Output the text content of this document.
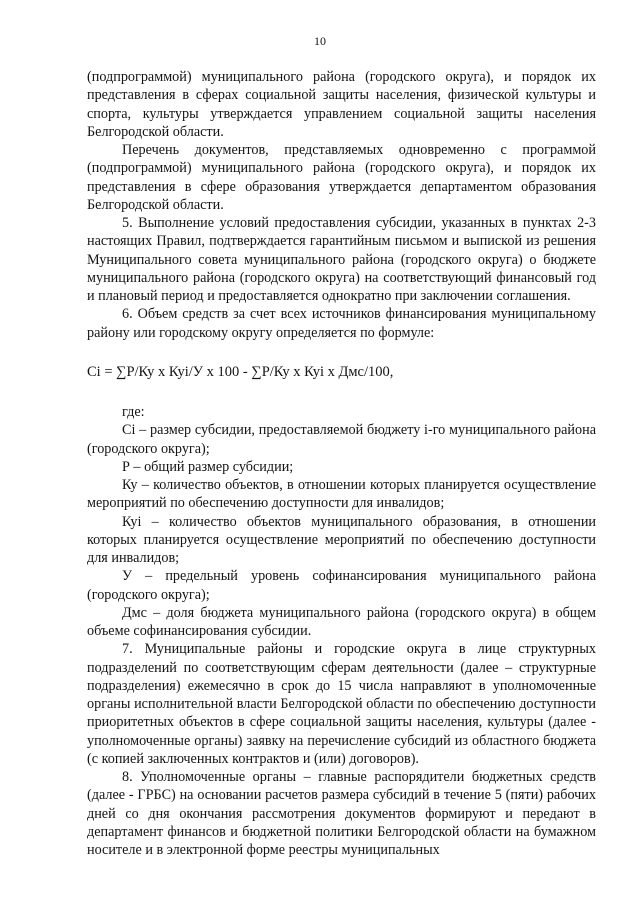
10

(подпрограммой) муниципального района (городского округа), и порядок их представления в сферах социальной защиты населения, физической культуры и спорта, культуры утверждается управлением социальной защиты населения Белгородской области.

Перечень документов, представляемых одновременно с программой (подпрограммой) муниципального района (городского округа), и порядок их представления в сфере образования утверждается департаментом образования Белгородской области.

5. Выполнение условий предоставления субсидии, указанных в пунктах 2-3 настоящих Правил, подтверждается гарантийным письмом и выпиской из решения Муниципального совета муниципального района (городского округа) о бюджете муниципального района (городского округа) на соответствующий финансовый год и плановый период и предоставляется однократно при заключении соглашения.

6. Объем средств за счет всех источников финансирования муниципальному району или городскому округу определяется по формуле:

Ci = ∑Р/Ку х Куi/У х 100 - ∑Р/Ку х Куi х Дмс/100,

где:

Ci – размер субсидии, предоставляемой бюджету i-го муниципального района (городского округа);

Р – общий размер субсидии;

Ку – количество объектов, в отношении которых планируется осуществление мероприятий по обеспечению доступности для инвалидов;

Куi – количество объектов муниципального образования, в отношении которых планируется осуществление мероприятий по обеспечению доступности для инвалидов;

У – предельный уровень софинансирования муниципального района (городского округа);

Дмс – доля бюджета муниципального района (городского округа) в общем объеме софинансирования субсидии.

7. Муниципальные районы и городские округа в лице структурных подразделений по соответствующим сферам деятельности (далее – структурные подразделения) ежемесячно в срок до 15 числа направляют в уполномоченные органы исполнительной власти Белгородской области по обеспечению доступности приоритетных объектов в сфере социальной защиты населения, культуры (далее - уполномоченные органы) заявку на перечисление субсидий из областного бюджета (с копией заключенных контрактов и (или) договоров).

8. Уполномоченные органы – главные распорядители бюджетных средств (далее - ГРБС) на основании расчетов размера субсидий в течение 5 (пяти) рабочих дней со дня окончания рассмотрения документов формируют и передают в департамент финансов и бюджетной политики Белгородской области на бумажном носителе и в электронной форме реестры муниципальных
